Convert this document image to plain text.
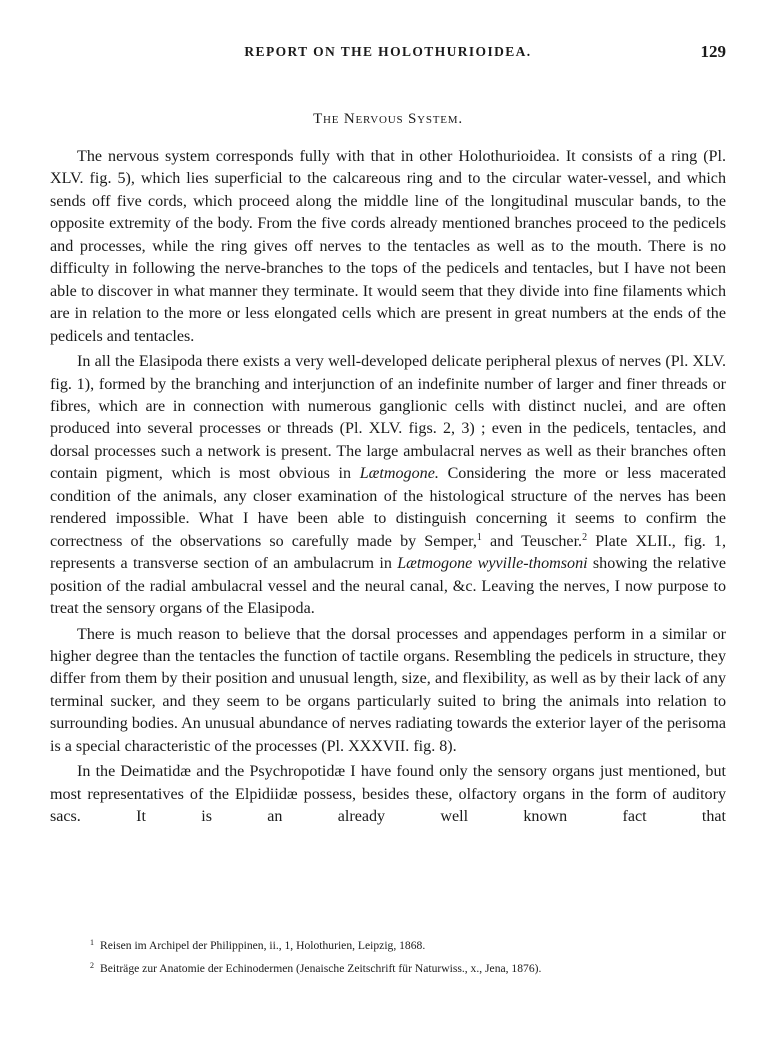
REPORT ON THE HOLOTHURIOIDEA.	129
The Nervous System.

The nervous system corresponds fully with that in other Holothurioidea. It consists of a ring (Pl. XLV. fig. 5), which lies superficial to the calcareous ring and to the circular water-vessel, and which sends off five cords, which proceed along the middle line of the longitudinal muscular bands, to the opposite extremity of the body. From the five cords already mentioned branches proceed to the pedicels and processes, while the ring gives off nerves to the tentacles as well as to the mouth. There is no difficulty in following the nerve-branches to the tops of the pedicels and tentacles, but I have not been able to discover in what manner they terminate. It would seem that they divide into fine filaments which are in relation to the more or less elongated cells which are present in great numbers at the ends of the pedicels and tentacles.

In all the Elasipoda there exists a very well-developed delicate peripheral plexus of nerves (Pl. XLV. fig. 1), formed by the branching and interjunction of an indefinite number of larger and finer threads or fibres, which are in connection with numerous ganglionic cells with distinct nuclei, and are often produced into several processes or threads (Pl. XLV. figs. 2, 3) ; even in the pedicels, tentacles, and dorsal processes such a network is present. The large ambulacral nerves as well as their branches often contain pigment, which is most obvious in Lætmogone. Considering the more or less macerated condition of the animals, any closer examination of the histological structure of the nerves has been rendered impossible. What I have been able to distinguish concerning it seems to confirm the correctness of the observations so carefully made by Semper,$^1$ and Teuscher.$^2$ Plate XLII., fig. 1, represents a transverse section of an ambulacrum in Lætmogone wyville-thomsoni showing the relative position of the radial ambulacral vessel and the neural canal, &c. Leaving the nerves, I now purpose to treat the sensory organs of the Elasipoda.

There is much reason to believe that the dorsal processes and appendages perform in a similar or higher degree than the tentacles the function of tactile organs. Resembling the pedicels in structure, they differ from them by their position and unusual length, size, and flexibility, as well as by their lack of any terminal sucker, and they seem to be organs particularly suited to bring the animals into relation to surrounding bodies. An unusual abundance of nerves radiating towards the exterior layer of the perisoma is a special characteristic of the processes (Pl. XXXVII. fig. 8).

In the Deimatidæ and the Psychropotidæ I have found only the sensory organs just mentioned, but most representatives of the Elpidiidæ possess, besides these, olfactory organs in the form of auditory sacs. It is an already well known fact that

$^1$ Reisen im Archipel der Philippinen, ii., 1, Holothurien, Leipzig, 1868.
$^2$ Beiträge zur Anatomie der Echinodermen (Jenaische Zeitschrift für Naturwiss., x., Jena, 1876).
